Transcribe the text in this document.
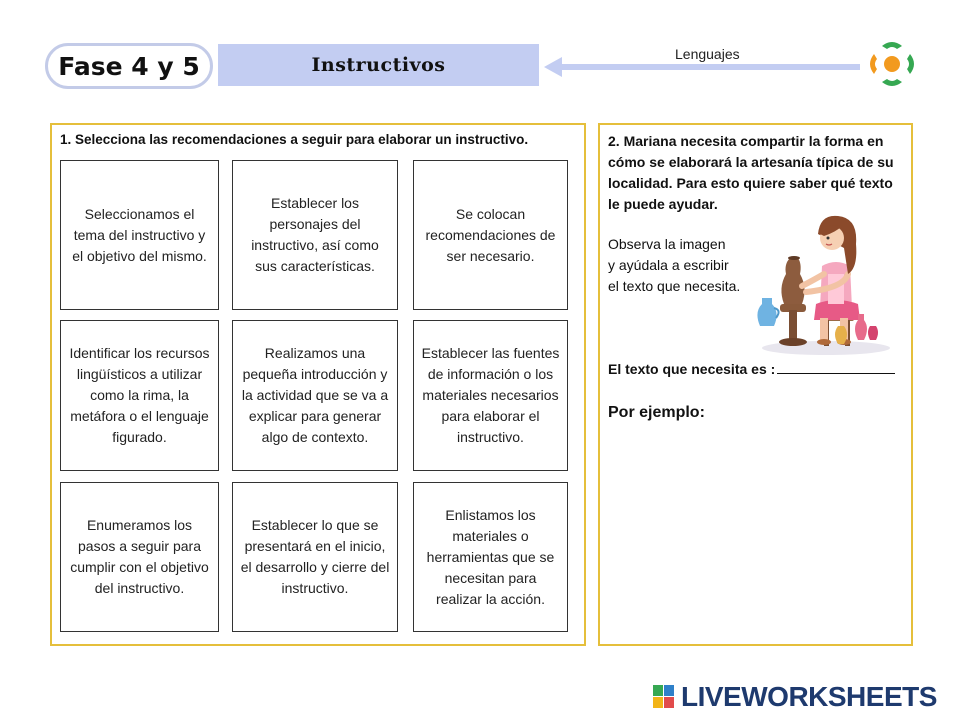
Fase 4 y 5	Instructivos	Lenguajes
1. Selecciona las recomendaciones a seguir para elaborar un instructivo.
Seleccionamos el tema del instructivo y el objetivo del mismo.
Establecer los personajes del instructivo, así como sus características.
Se colocan recomendaciones de ser necesario.
Identificar los recursos lingüísticos a utilizar como la rima, la metáfora o el lenguaje figurado.
Realizamos una pequeña introducción y la actividad que se va a explicar para generar algo de contexto.
Establecer las fuentes de información o los materiales necesarios para elaborar el instructivo.
Enumeramos los pasos a seguir para cumplir con el objetivo del instructivo.
Establecer lo que se presentará en el inicio, el desarrollo y cierre del instructivo.
Enlistamos los materiales o herramientas que se necesitan para realizar la acción.
2. Mariana necesita compartir la forma en cómo se elaborará la artesanía típica de su localidad. Para esto quiere saber qué texto le puede ayudar.
Observa la imagen
y ayúdala a escribir
el texto que necesita.
El texto que necesita es :
Por ejemplo:
LIVEWORKSHEETS
